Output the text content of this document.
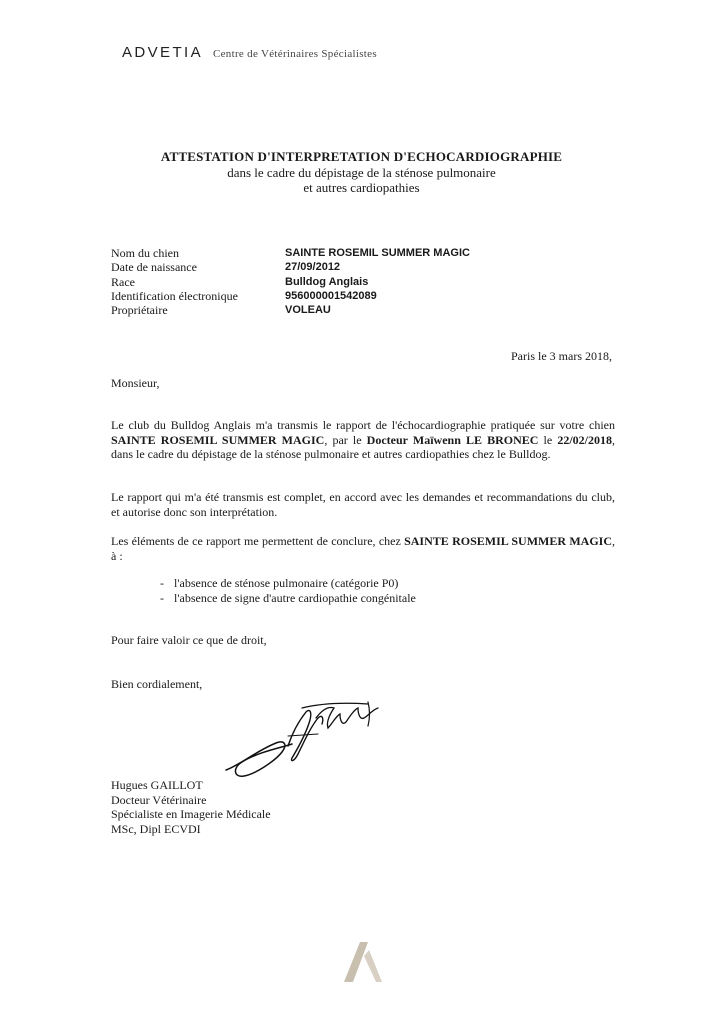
ADVETIA Centre de Vétérinaires Spécialistes
ATTESTATION D'INTERPRETATION D'ECHOCARDIOGRAPHIE
dans le cadre du dépistage de la sténose pulmonaire
et autres cardiopathies
Nom du chien	SAINTE ROSEMIL SUMMER MAGIC
Date de naissance	27/09/2012
Race	Bulldog Anglais
Identification électronique	956000001542089
Propriétaire	VOLEAU
Paris le 3 mars 2018,
Monsieur,
Le club du Bulldog Anglais m'a transmis le rapport de l'échocardiographie pratiquée sur votre chien SAINTE ROSEMIL SUMMER MAGIC, par le Docteur Maïwenn LE BRONEC le 22/02/2018, dans le cadre du dépistage de la sténose pulmonaire et autres cardiopathies chez le Bulldog.
Le rapport qui m'a été transmis est complet, en accord avec les demandes et recommandations du club, et autorise donc son interprétation.
Les éléments de ce rapport me permettent de conclure, chez SAINTE ROSEMIL SUMMER MAGIC, à :
- l'absence de sténose pulmonaire (catégorie P0)
- l'absence de signe d'autre cardiopathie congénitale
Pour faire valoir ce que de droit,
Bien cordialement,
Hugues GAILLOT
Docteur Vétérinaire
Spécialiste en Imagerie Médicale
MSc, Dipl ECVDI
